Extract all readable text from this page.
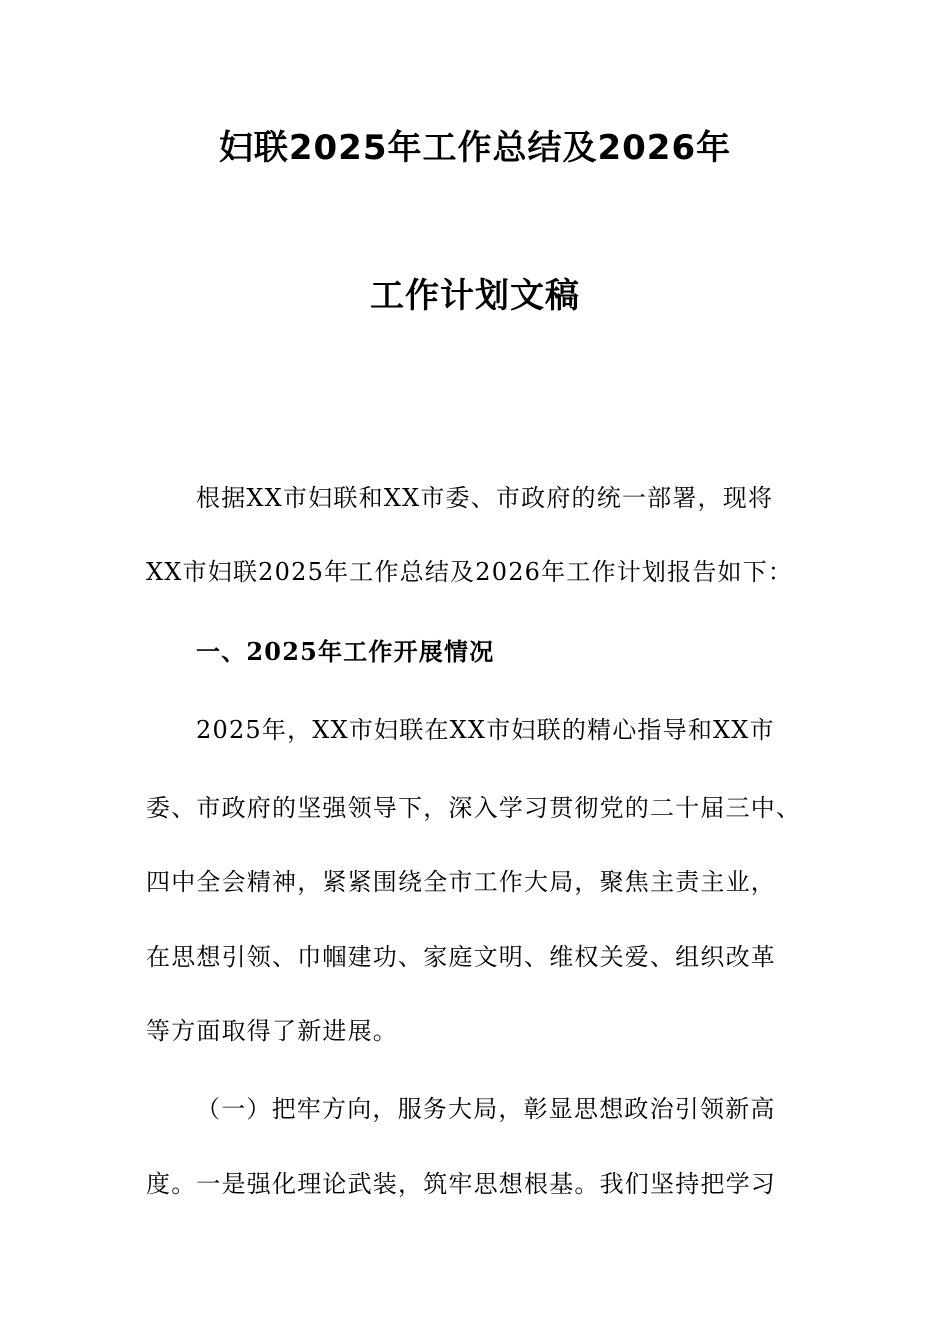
妇联2025年工作总结及2026年
工作计划文稿
根据XX市妇联和XX市委、市政府的统一部署，现将
XX市妇联2025年工作总结及2026年工作计划报告如下：
一、2025年工作开展情况
2025年，XX市妇联在XX市妇联的精心指导和XX市
委、市政府的坚强领导下，深入学习贯彻党的二十届三中、
四中全会精神，紧紧围绕全市工作大局，聚焦主责主业，
在思想引领、巾帼建功、家庭文明、维权关爱、组织改革
等方面取得了新进展。
（一）把牢方向，服务大局，彰显思想政治引领新高
度。一是强化理论武装，筑牢思想根基。我们坚持把学习
